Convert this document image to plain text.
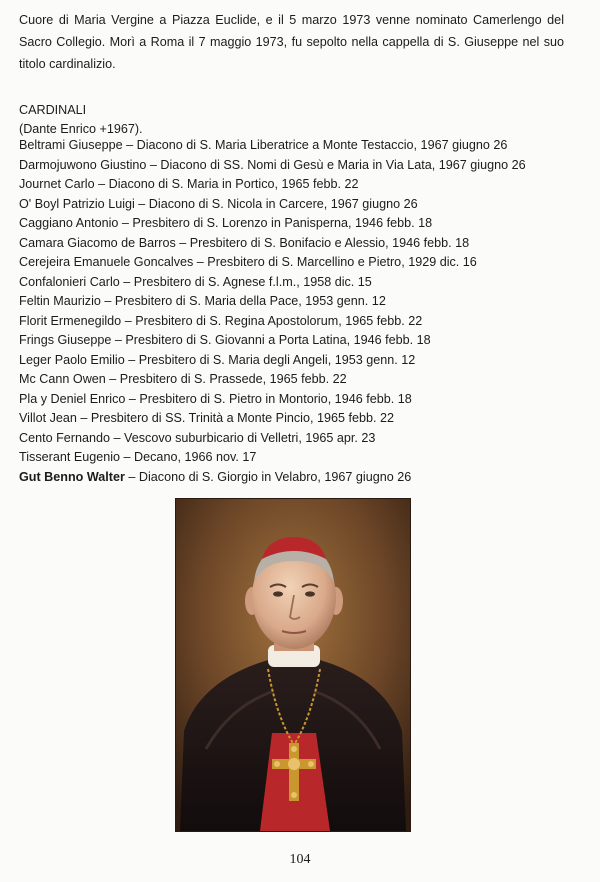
Cuore di Maria Vergine a Piazza Euclide, e il 5 marzo 1973 venne nominato Camerlengo del Sacro Collegio. Morì a Roma il 7 maggio 1973, fu sepolto nella cappella di S. Giuseppe nel suo titolo cardinalizio.
CARDINALI
(Dante Enrico +1967).
Beltrami Giuseppe – Diacono di S. Maria Liberatrice a Monte Testaccio, 1967 giugno 26
Darmojuwono Giustino – Diacono di SS. Nomi di Gesù e Maria in Via Lata, 1967 giugno 26
Journet Carlo – Diacono di S. Maria in Portico, 1965 febb. 22
O' Boyl Patrizio Luigi – Diacono di S. Nicola in Carcere, 1967 giugno 26
Caggiano Antonio – Presbitero di S. Lorenzo in Panisperna, 1946 febb. 18
Camara Giacomo de Barros – Presbitero di S. Bonifacio e Alessio, 1946 febb. 18
Cerejeira Emanuele Goncalves – Presbitero di S. Marcellino e Pietro, 1929 dic. 16
Confalonieri Carlo – Presbitero di S. Agnese f.l.m., 1958 dic. 15
Feltin Maurizio – Presbitero di S. Maria della Pace, 1953 genn. 12
Florit Ermenegildo – Presbitero di S. Regina Apostolorum, 1965 febb. 22
Frings Giuseppe – Presbitero di S. Giovanni a Porta Latina, 1946 febb. 18
Leger Paolo Emilio – Presbitero di S. Maria degli Angeli, 1953 genn. 12
Mc Cann Owen – Presbitero di S. Prassede, 1965 febb. 22
Pla y Deniel Enrico – Presbitero di S. Pietro in Montorio, 1946 febb. 18
Villot Jean – Presbitero di SS. Trinità a Monte Pincio, 1965 febb. 22
Cento Fernando – Vescovo suburbicario di Velletri, 1965 apr. 23
Tisserant Eugenio – Decano, 1966 nov. 17
Gut Benno Walter – Diacono di S. Giorgio in Velabro, 1967 giugno 26
104
